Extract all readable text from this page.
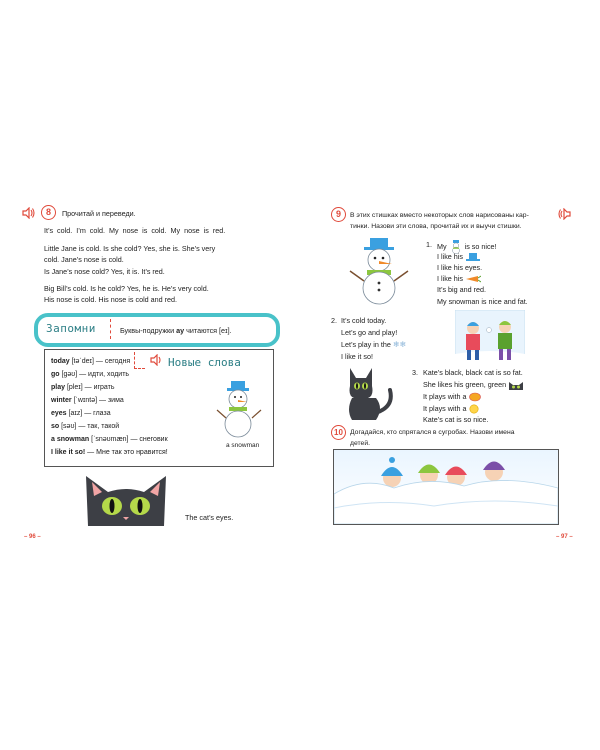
8	Прочитай и переведи.
It’s cold. I’m cold. My nose is cold. My nose is red.
Little Jane is cold. Is she cold? Yes, she is. She’s very
cold. Jane’s nose is cold.
Is Jane’s nose cold? Yes, it is. It’s red.
Big Bill’s cold. Is he cold? Yes, he is. He’s very cold.
His nose is cold. His nose is cold and red.
Запомни	Буквы-подружки ay читаются [eɪ].
today [təˈdeɪ] — сегодня
go [ɡəʊ] — идти, ходить
play [pleɪ] — играть
winter [ˈwɪntə] — зима
eyes [aɪz] — глаза
so [səʊ] — так, такой
a snowman [ˈsnəʊmæn] — снеговик
I like it so! — Мне так это нравится!
Новые слова
a snowman
The cat’s eyes.
– 96 –
9	В этих стишках вместо некоторых слов нарисованы кар-
тинки. Назови эти слова, прочитай их и выучи стишки.
1. My	is so nice!
I like his
I like his eyes.
I like his
It’s big and red.
My snowman is nice and fat.
2. It’s cold today.
Let’s go and play!
Let’s play in the ❄❄
I like it so!
3. Kate’s black, black cat is so fat.
She likes his green, green
It plays with a
It plays with a
Kate’s cat is so nice.
10	Догадайся, кто спрятался в сугробах. Назови имена
детей.
– 97 –
